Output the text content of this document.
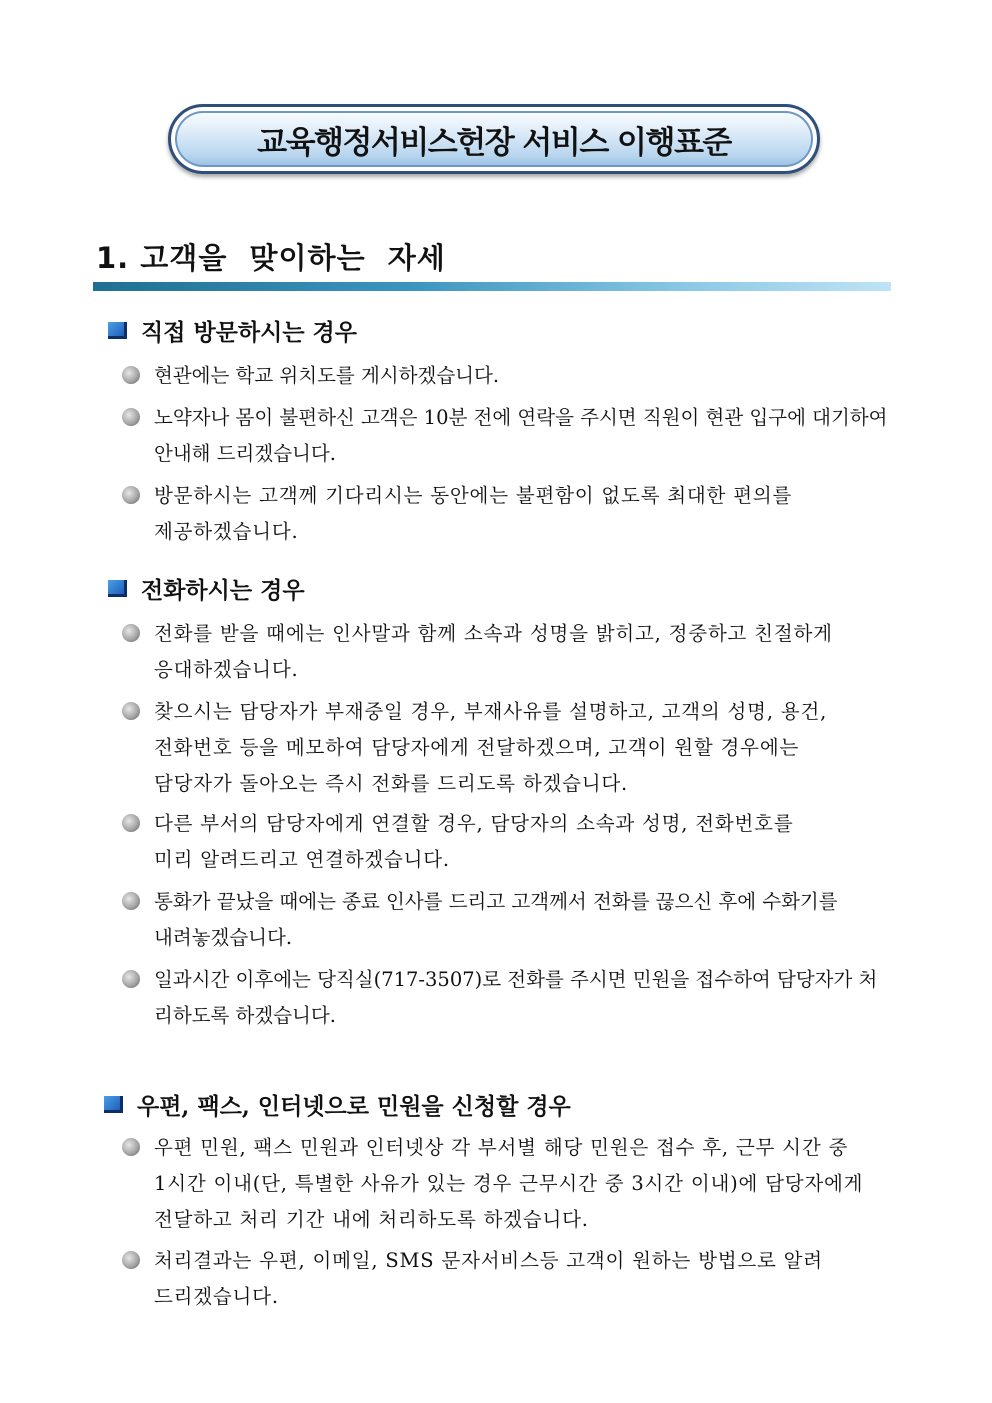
교육행정서비스헌장 서비스 이행표준
1. 고객을  맞이하는  자세
직접 방문하시는 경우
현관에는 학교 위치도를 게시하겠습니다.
노약자나 몸이 불편하신 고객은 10분 전에 연락을 주시면 직원이 현관 입구에 대기하여
안내해 드리겠습니다.
방문하시는 고객께 기다리시는 동안에는 불편함이 없도록 최대한 편의를
제공하겠습니다.
전화하시는 경우
전화를 받을 때에는 인사말과 함께 소속과 성명을 밝히고, 정중하고 친절하게
응대하겠습니다.
찾으시는 담당자가 부재중일 경우, 부재사유를 설명하고, 고객의 성명, 용건,
전화번호 등을 메모하여 담당자에게 전달하겠으며, 고객이 원할 경우에는
담당자가 돌아오는 즉시 전화를 드리도록 하겠습니다.
다른 부서의 담당자에게 연결할 경우, 담당자의 소속과 성명, 전화번호를
미리 알려드리고 연결하겠습니다.
통화가 끝났을 때에는 종료 인사를 드리고 고객께서 전화를 끊으신 후에 수화기를
내려놓겠습니다.
일과시간 이후에는 당직실(717-3507)로 전화를 주시면 민원을 접수하여 담당자가 처
리하도록 하겠습니다.
우편, 팩스, 인터넷으로 민원을 신청할 경우
우편 민원, 팩스 민원과 인터넷상 각 부서별 해당 민원은 접수 후, 근무 시간 중
1시간 이내(단, 특별한 사유가 있는 경우 근무시간 중 3시간 이내)에 담당자에게
전달하고 처리 기간 내에 처리하도록 하겠습니다.
처리결과는 우편, 이메일, SMS 문자서비스등 고객이 원하는 방법으로 알려
드리겠습니다.
